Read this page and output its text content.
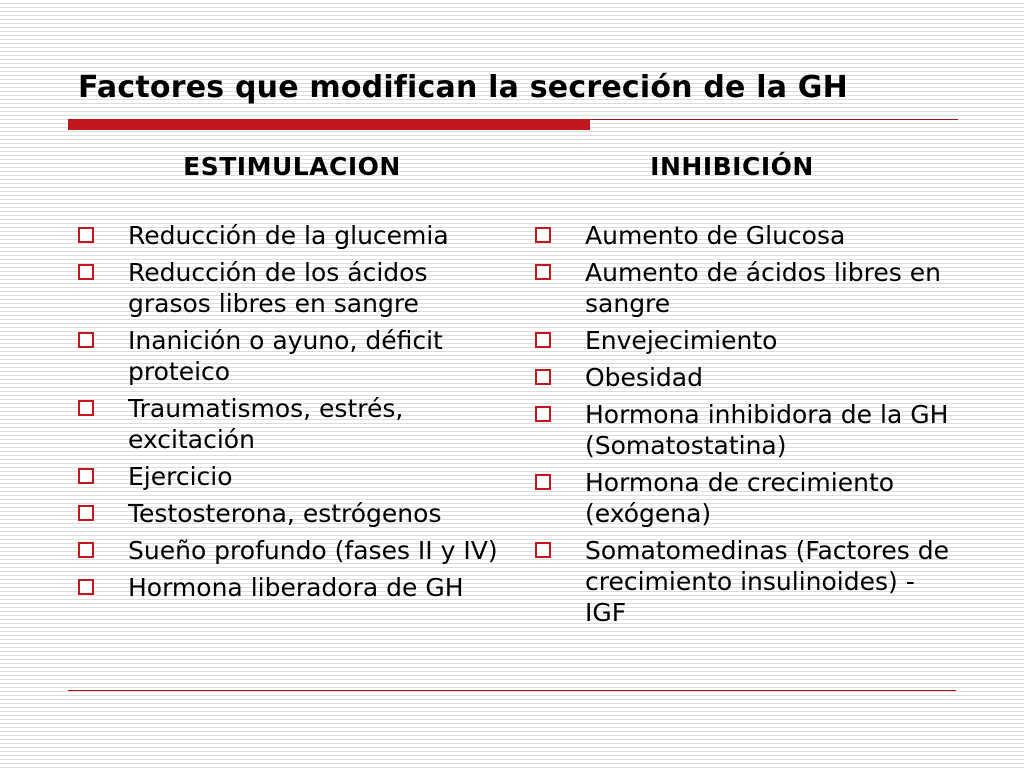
Factores que modifican la secreción de la GH
ESTIMULACION	INHIBICIÓN
Reducción de la glucemia
Reducción de los ácidos grasos libres en sangre
Inanición o ayuno, déficit proteico
Traumatismos, estrés, excitación
Ejercicio
Testosterona, estrógenos
Sueño profundo (fases II y IV)
Hormona liberadora de GH
Aumento de Glucosa
Aumento de ácidos libres en sangre
Envejecimiento
Obesidad
Hormona inhibidora de la GH (Somatostatina)
Hormona de crecimiento (exógena)
Somatomedinas (Factores de crecimiento insulinoides) - IGF
